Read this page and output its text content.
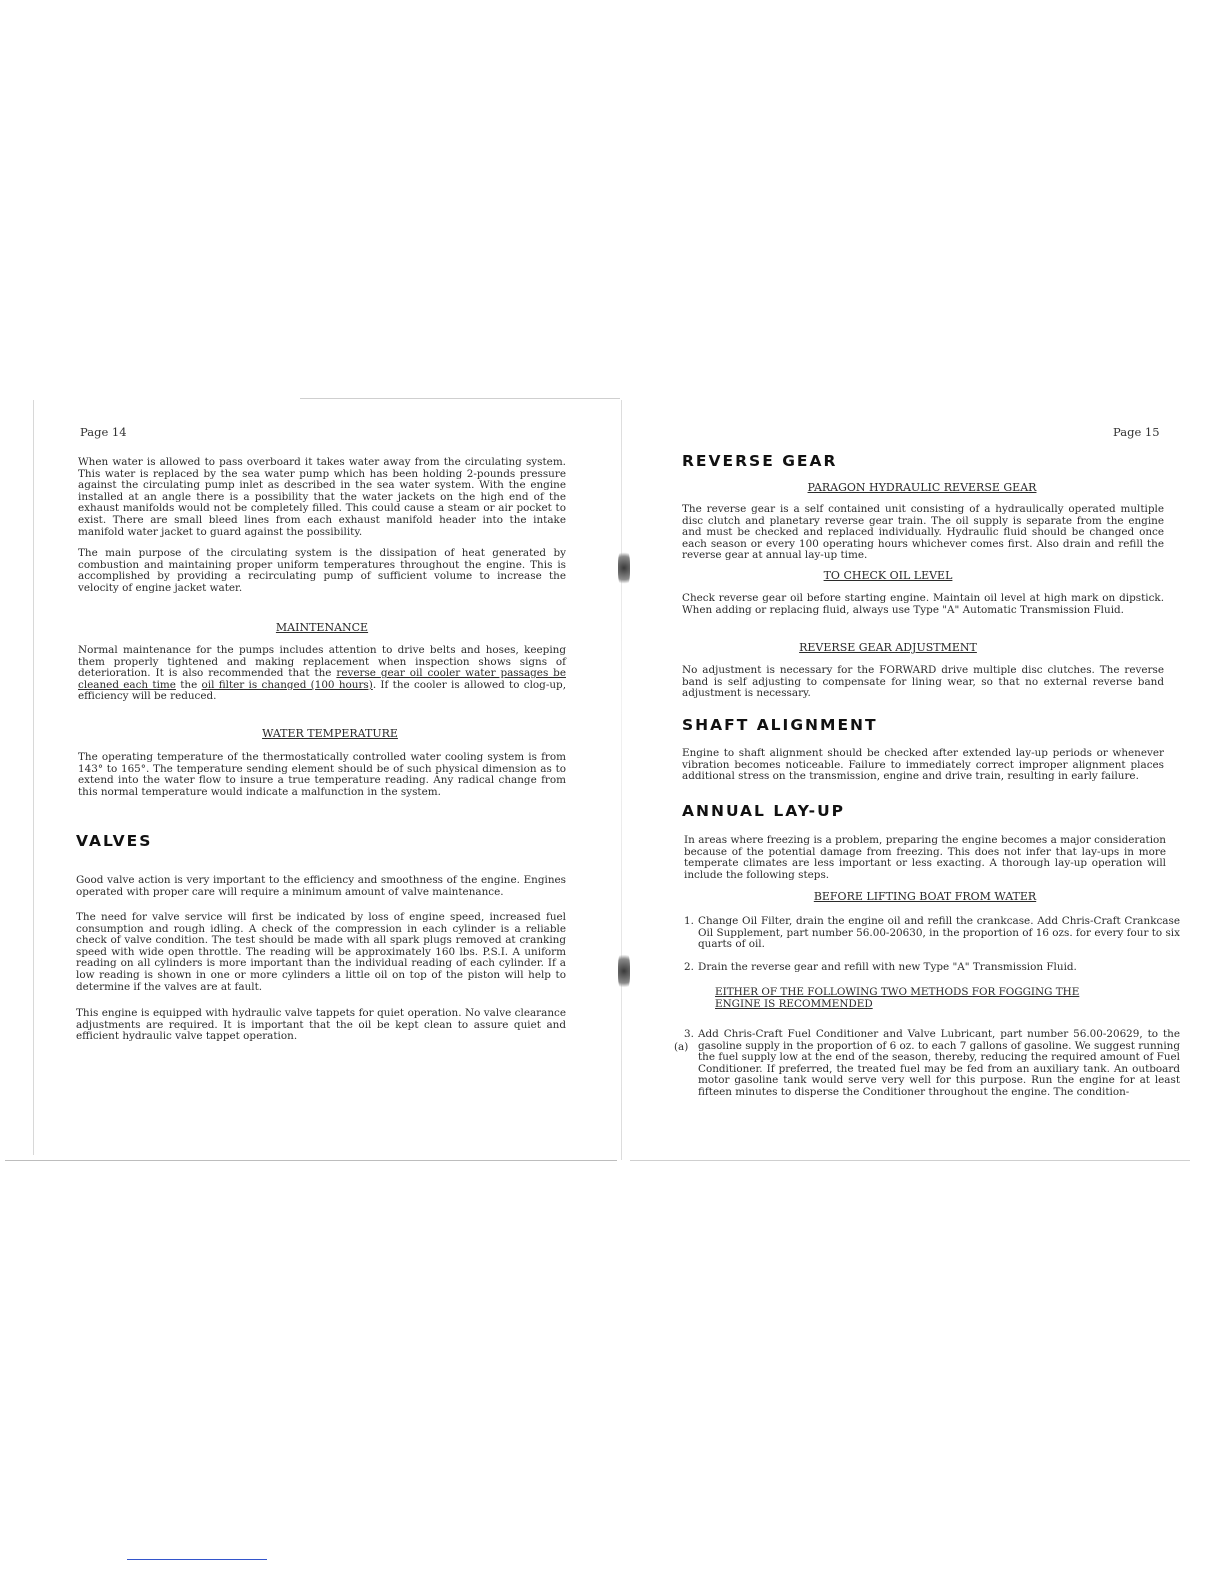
Page 14

When water is allowed to pass overboard it takes water away from the circulating system. This water is replaced by the sea water pump which has been holding 2-pounds pressure against the circulating pump inlet as described in the sea water system. With the engine installed at an angle there is a possibility that the water jackets on the high end of the exhaust manifolds would not be completely filled. This could cause a steam or air pocket to exist. There are small bleed lines from each exhaust manifold header into the intake manifold water jacket to guard against the possibility.

The main purpose of the circulating system is the dissipation of heat generated by combustion and maintaining proper uniform temperatures throughout the engine. This is accomplished by providing a recirculating pump of sufficient volume to increase the velocity of engine jacket water.

MAINTENANCE

Normal maintenance for the pumps includes attention to drive belts and hoses, keeping them properly tightened and making replacement when inspection shows signs of deterioration. It is also recommended that the reverse gear oil cooler water passages be cleaned each time the oil filter is changed (100 hours). If the cooler is allowed to clog-up, efficiency will be reduced.

WATER TEMPERATURE

The operating temperature of the thermostatically controlled water cooling system is from 143° to 165°. The temperature sending element should be of such physical dimension as to extend into the water flow to insure a true temperature reading. Any radical change from this normal temperature would indicate a malfunction in the system.

VALVES

Good valve action is very important to the efficiency and smoothness of the engine. Engines operated with proper care will require a minimum amount of valve maintenance.

The need for valve service will first be indicated by loss of engine speed, increased fuel consumption and rough idling. A check of the compression in each cylinder is a reliable check of valve condition. The test should be made with all spark plugs removed at cranking speed with wide open throttle. The reading will be approximately 160 lbs. P.S.I. A uniform reading on all cylinders is more important than the individual reading of each cylinder. If a low reading is shown in one or more cylinders a little oil on top of the piston will help to determine if the valves are at fault.

This engine is equipped with hydraulic valve tappets for quiet operation. No valve clearance adjustments are required. It is important that the oil be kept clean to assure quiet and efficient hydraulic valve tappet operation.

Page 15
REVERSE GEAR

PARAGON HYDRAULIC REVERSE GEAR

The reverse gear is a self contained unit consisting of a hydraulically operated multiple disc clutch and planetary reverse gear train. The oil supply is separate from the engine and must be checked and replaced individually. Hydraulic fluid should be changed once each season or every 100 operating hours whichever comes first. Also drain and refill the reverse gear at annual lay-up time.

TO CHECK OIL LEVEL

Check reverse gear oil before starting engine. Maintain oil level at high mark on dipstick. When adding or replacing fluid, always use Type "A" Automatic Transmission Fluid.

REVERSE GEAR ADJUSTMENT

No adjustment is necessary for the FORWARD drive multiple disc clutches. The reverse band is self adjusting to compensate for lining wear, so that no external reverse band adjustment is necessary.

SHAFT ALIGNMENT

Engine to shaft alignment should be checked after extended lay-up periods or whenever vibration becomes noticeable. Failure to immediately correct improper alignment places additional stress on the transmission, engine and drive train, resulting in early failure.

ANNUAL LAY-UP

In areas where freezing is a problem, preparing the engine becomes a major consideration because of the potential damage from freezing. This does not infer that lay-ups in more temperate climates are less important or less exacting. A thorough lay-up operation will include the following steps.

BEFORE LIFTING BOAT FROM WATER

1. Change Oil Filter, drain the engine oil and refill the crankcase. Add Chris-Craft Crankcase Oil Supplement, part number 56.00-20630, in the proportion of 16 ozs. for every four to six quarts of oil.

2. Drain the reverse gear and refill with new Type "A" Transmission Fluid.

EITHER OF THE FOLLOWING TWO METHODS FOR FOGGING THE ENGINE IS RECOMMENDED

3. Add Chris-Craft Fuel Conditioner and Valve Lubricant, part number 56.00-20629, to the gasoline supply in the proportion of 6 oz. to each 7 gallons of gasoline. We suggest running the fuel supply low at the end of the season, thereby, reducing the required amount of Fuel Conditioner. If preferred, the treated fuel may be fed from an auxiliary tank. An outboard motor gasoline tank would serve very well for this purpose. Run the engine for at least fifteen minutes to disperse the Conditioner throughout the engine. The condition-

(a)
